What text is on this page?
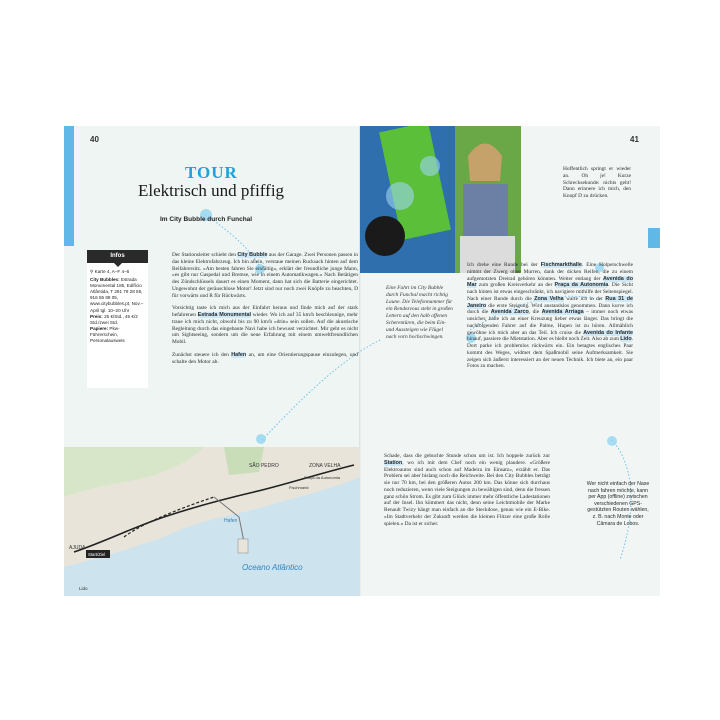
40	41
TOUR
Elektrisch und pfiffig
Im City Bubble durch Funchal
Infos
⚲ Karte 4, A–F 4–6
City Bubbles: Estrada Monumental 185, Edifício Atlântida, T 291 78 28 55, 916 55 88 05, www.citybubbles.pt, Nov.–April tgl. 10–20 Uhr
Preis: 25 €/Std., 45 €/2 Std./zwei Std.
Papiere: Pkw-Führerschein, Personalausweis

Der Stationsleiter schiebt den City Bubble aus der Garage. Zwei Personen passen in das kleine Elektrofahrzeug. Ich bin allein, verstaue meinen Rucksack hinten auf dem Beifahrersitz. »Am besten fahren Sie einfältig«, erklärt der freundliche junge Mann, »es gibt nur Gaspedal und Bremse, wie in einem Automatikwagen.« Nach Betätigen des Zündschlüssels dauert es einen Moment, dann hat sich die Batterie eingerichtet. Ungewohnt der geräuschlose Motor! Jetzt sind nur noch zwei Knöpfe zu beachten, D für vorwärts und R für Rückwärts.

Vorsichtig taste ich mich aus der Einfahrt heraus und finde mich auf der stark befahrenen Estrada Monumental wieder. Wo ich auf 35 km/h beschleunige, mehr traue ich mich nicht, obwohl bis zu 90 km/h »drin« sein sollen. Auf die akustische Begleitung durch das eingebaute Navi habe ich bewusst verzichtet. Mir geht es nicht um Sightseeing, sondern um die neue Erfahrung mit einem umweltfreundlichen Mobil.

Zunächst steuere ich den Hafen an, um eine Orientierungspause einzulegen, und schalte den Motor ab.

Eine Fahrt im City Bubble durch Funchal macht richtig Laune. Die Telefonnummer für ein Rendezvous steht in großen Lettern auf den halb offenen Scherentüren, die beim Ein- und Aussteigen wie Flügel nach vorn hochschwingen.
Hoffentlich springt er wieder an. Oh je! Kurze Schrecksekunde: nichts geht! Dann erinnere ich mich, den Knopf D zu drücken.
Ich drehe eine Runde bei der Fischmarkthalle. Eine Holperschwelle nimmt der Zwerg ohne Murren, dank der dicken Reifen, die zu einem aufgemotzten Dreirad gehören könnten. Weiter entlang der Avenida do Mar zum großen Kreisverkehr an der Praça da Autonomia. Die Sicht nach hinten ist etwas eingeschränkt, ich navigiere mithilfe der Seitenspiegel. Nach einer Runde durch die Zona Velha warte ich in der Rua 31 de Janeiro die erste Steigung. Wird anstandslos genommen. Dann kurve ich durch die Avenida Zarco, die Avenida Arriaga – immer noch etwas unsicher, halte ich an einer Kreuzung lieber etwas länger. Das bringt die nachfolgenden Fahrer auf die Palme, Hupen ist zu hören. Allmählich gewöhne ich mich aber an das Teil. Ich cruise die Avenida do Infante hinauf, passiere die Mietstation. Aber es bleibt noch Zeit. Also ab zum Lido. Dort parke ich problemlos rückwärts ein. Ein betagtes englisches Paar kommt des Weges, widmet dem Spaßmobil seine Aufmerksamkeit. Sie zeigen sich äußerst interessiert an der neuen Technik. Ich biete an, ein paar Fotos zu machen.
Schade, dass die gebuchte Stunde schon um ist. Ich hoppele zurück zur Station, wo ich mit dem Chef noch ein wenig plaudere. »Größere Elektroautos sind auch schon auf Madeira im Einsatz«, erzählt er. Das Problem sei aber bislang noch die Reichweite. Bei den City Bubbles beträgt sie nur 70 km, bei den größeren Autos 200 km. Das könne sich durchaus noch reduzieren, wenn viele Steigungen zu bewältigen sind, denn die fressen ganz schön Strom. Es gibt zum Glück immer mehr öffentliche Ladestationen auf der Insel. Ihn kümmert das nicht, denn seine Leichtmobile der Marke Renault Twizy hängt man einfach an die Steckdose, genau wie ein E-Bike. »Im Stadtverkehr der Zukunft werden die kleinen Flitzer eine große Rolle spielen.« Da ist er sicher.
Wer nicht einfach der Nase nach fahren möchte, kann per App (offline) zwischen verschiedenen GPS-gestützten Routen wählen, z. B. nach Monte oder Câmara de Lobos.
SÃO PEDRO	ZONA VELHA
Praça da Autonomia
Fischmarkt
Hafen
Lido
AJUDA
Start/Ziel
Oceano Atlântico
